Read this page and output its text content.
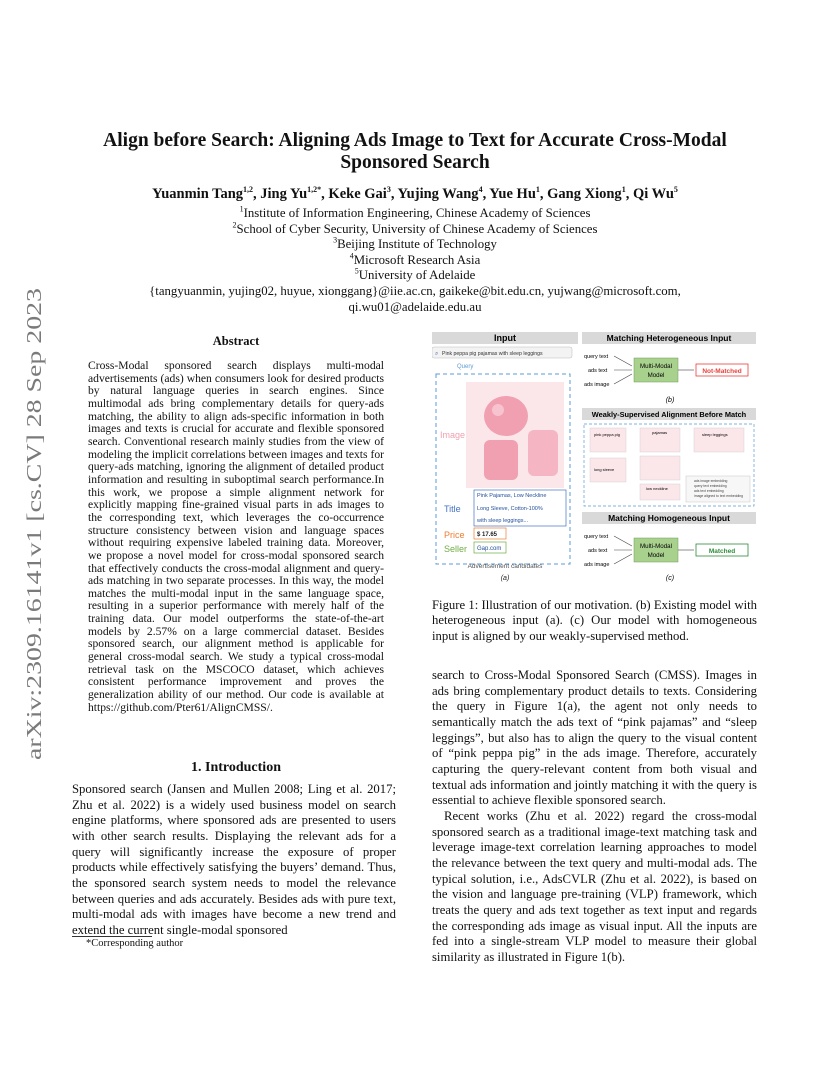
Align before Search: Aligning Ads Image to Text for Accurate Cross-Modal
Sponsored Search
Yuanmin Tang$^{1,2}$, Jing $Yu^{1,2*}$, Keke Gai$^3$, Yujing Wang$^4$, Yue Hu$^1$, Gang Xiong$^1$, Qi Wu$^5$
$^1$Institute of Information Engineering, Chinese Academy of Sciences
$^2$School of Cyber Security, University of Chinese Academy of Sciences
$^3$Beijing Institute of Technology
$^4$Microsoft Research Asia
$^5$University of Adelaide
{tangyuanmin, yujing02, huyue, xionggang}@iie.ac.cn, gaikeke@bit.edu.cn, yujwang@microsoft.com,
qi.wu01@adelaide.edu.au
arXiv:2309.16141v1 [cs.CV] 28 Sep 2023
Abstract
Cross-Modal sponsored search displays multi-modal advertisements (ads) when consumers look for desired products by natural language queries in search engines. Since multimodal ads bring complementary details for query-ads matching, the ability to align ads-specific information in both images and texts is crucial for accurate and flexible sponsored search. Conventional research mainly studies from the view of modeling the implicit correlations between images and texts for query-ads matching, ignoring the alignment of detailed product information and resulting in suboptimal search performance.In this work, we propose a simple alignment network for explicitly mapping fine-grained visual parts in ads images to the corresponding text, which leverages the co-occurrence structure consistency between vision and language spaces without requiring expensive labeled training data. Moreover, we propose a novel model for cross-modal sponsored search that effectively conducts the cross-modal alignment and query-ads matching in two separate processes. In this way, the model matches the multi-modal input in the same language space, resulting in a superior performance with merely half of the training data. Our model outperforms the state-of-the-art models by 2.57% on a large commercial dataset. Besides sponsored search, our alignment method is applicable for general cross-modal search. We study a typical cross-modal retrieval task on the MSCOCO dataset, which achieves consistent performance improvement and proves the generalization ability of our method. Our code is available at https://github.com/Pter61/AlignCMSS/.
1. Introduction
Sponsored search (Jansen and Mullen 2008; Ling et al. 2017; Zhu et al. 2022) is a widely used business model on search engine platforms, where sponsored ads are presented to users with other search results. Displaying the relevant ads for a query will significantly increase the exposure of proper products while effectively satisfying the buyers’ demand. Thus, the sponsored search system needs to model the relevance between queries and ads accurately. Besides ads with pure text, multi-modal ads with images have become a new trend and extend the current single-modal sponsored
*Corresponding author
Input
⌕ Pink peppa pig pajamas with sleep leggings
Query
Image
Pink Pajamas, Low Neckline
Long Sleeve, Cotton-100%
with sleep leggings...
Title
$ 17.65
Price
Gap.com
Seller
Advertisement candidates
(a)
Matching Heterogeneous Input
query text
ads text
ads image
Multi-Modal
Model
Not-Matched
(b)
Weakly-Supervised Alignment Before Match
pink peppa pig	pajamas	sleep leggings
long sleeve
low neckline
ads image embedding
query text embedding
ads text embedding
image aligned to text embedding
Matching Homogeneous Input
query text
ads text
ads image
Multi-Modal
Model
Matched
(c)
Figure 1: Illustration of our motivation. (b) Existing model with heterogeneous input (a). (c) Our model with homogeneous input is aligned by our weakly-supervised method.

search to Cross-Modal Sponsored Search (CMSS). Images in ads bring complementary product details to texts. Considering the query in Figure 1(a), the agent not only needs to semantically match the ads text of “pink pajamas” and “sleep leggings”, but also has to align the query to the visual content of “pink peppa pig” in the ads image. Therefore, accurately capturing the query-relevant content from both visual and textual ads information and jointly matching it with the query is essential to achieve flexible sponsored search.

Recent works (Zhu et al. 2022) regard the cross-modal sponsored search as a traditional image-text matching task and leverage image-text correlation learning approaches to model the relevance between the text query and multi-modal ads. The typical solution, i.e., AdsCVLR (Zhu et al. 2022), is based on the vision and language pre-training (VLP) framework, which treats the query and ads text together as text input and regards the corresponding ads image as visual input. All the inputs are fed into a single-stream VLP model to measure their global similarity as illustrated in Figure 1(b).
